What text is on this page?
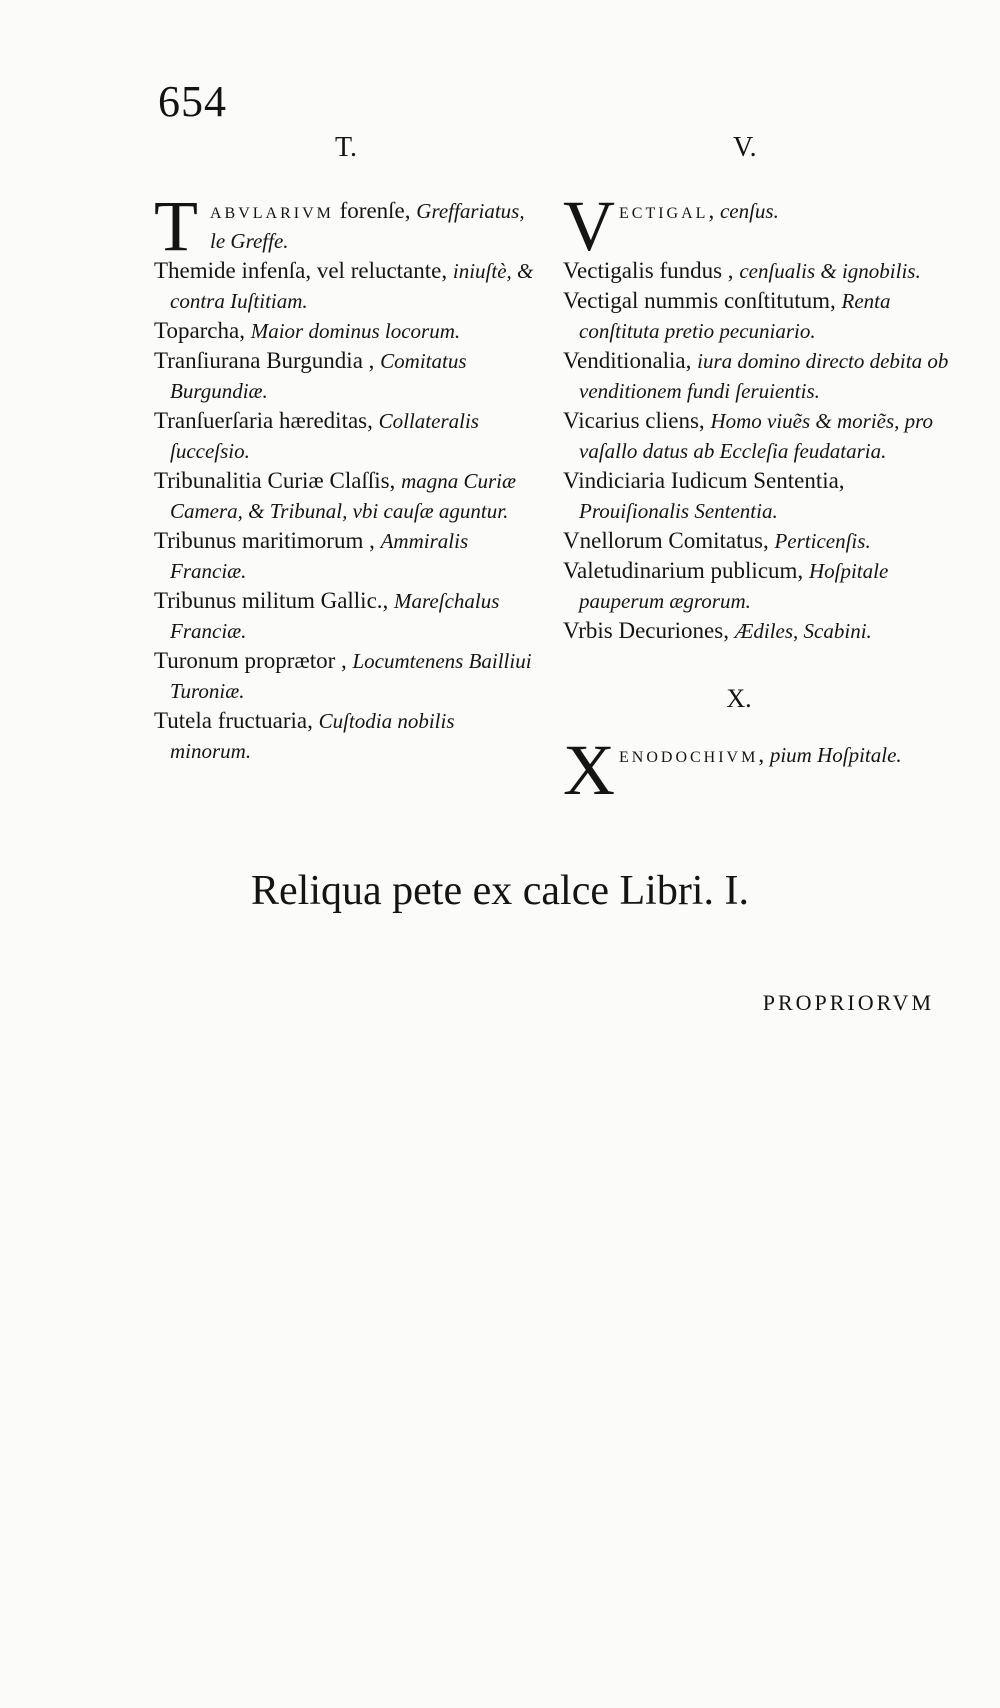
654
T.	V.

T abvlarivm forenſe, Greffariatus, le Greffe.

Themide infenſa, vel reluctante, iniuſtè, & contra Iuſtitiam.

Toparcha, Maior dominus locorum.

Tranſiurana Burgundia , Comitatus Burgundiæ.

Tranſuerſaria hæreditas, Collateralis ſucceſsio.

Tribunalitia Curiæ Claſſis, magna Curiæ Camera, & Tribunal, vbi cauſæ aguntur.

Tribunus maritimorum , Ammiralis Franciæ.

Tribunus militum Gallic., Mareſchalus Franciæ.

Turonum proprætor , Locumtenens Bailliui Turoniæ.

Tutela fructuaria, Cuſtodia nobilis minorum.

V ectigal, cenſus.

Vectigalis fundus , cenſualis & ignobilis.

Vectigal nummis conſtitutum, Renta conſtituta pretio pecuniario.

Venditionalia, iura domino directo debita ob venditionem fundi ſeruientis.

Vicarius cliens, Homo viuẽs & moriẽs, pro vaſallo datus ab Eccleſia feudataria.

Vindiciaria Iudicum Sententia, Prouiſionalis Sententia.

Vnellorum Comitatus, Perticenſis.

Valetudinarium publicum, Hoſpitale pauperum ægrorum.

Vrbis Decuriones, Ædiles, Scabini.

X.

X enodochivm, pium Hoſpitale.

Reliqua pete ex calce Libri. I.
PROPRIORVM
